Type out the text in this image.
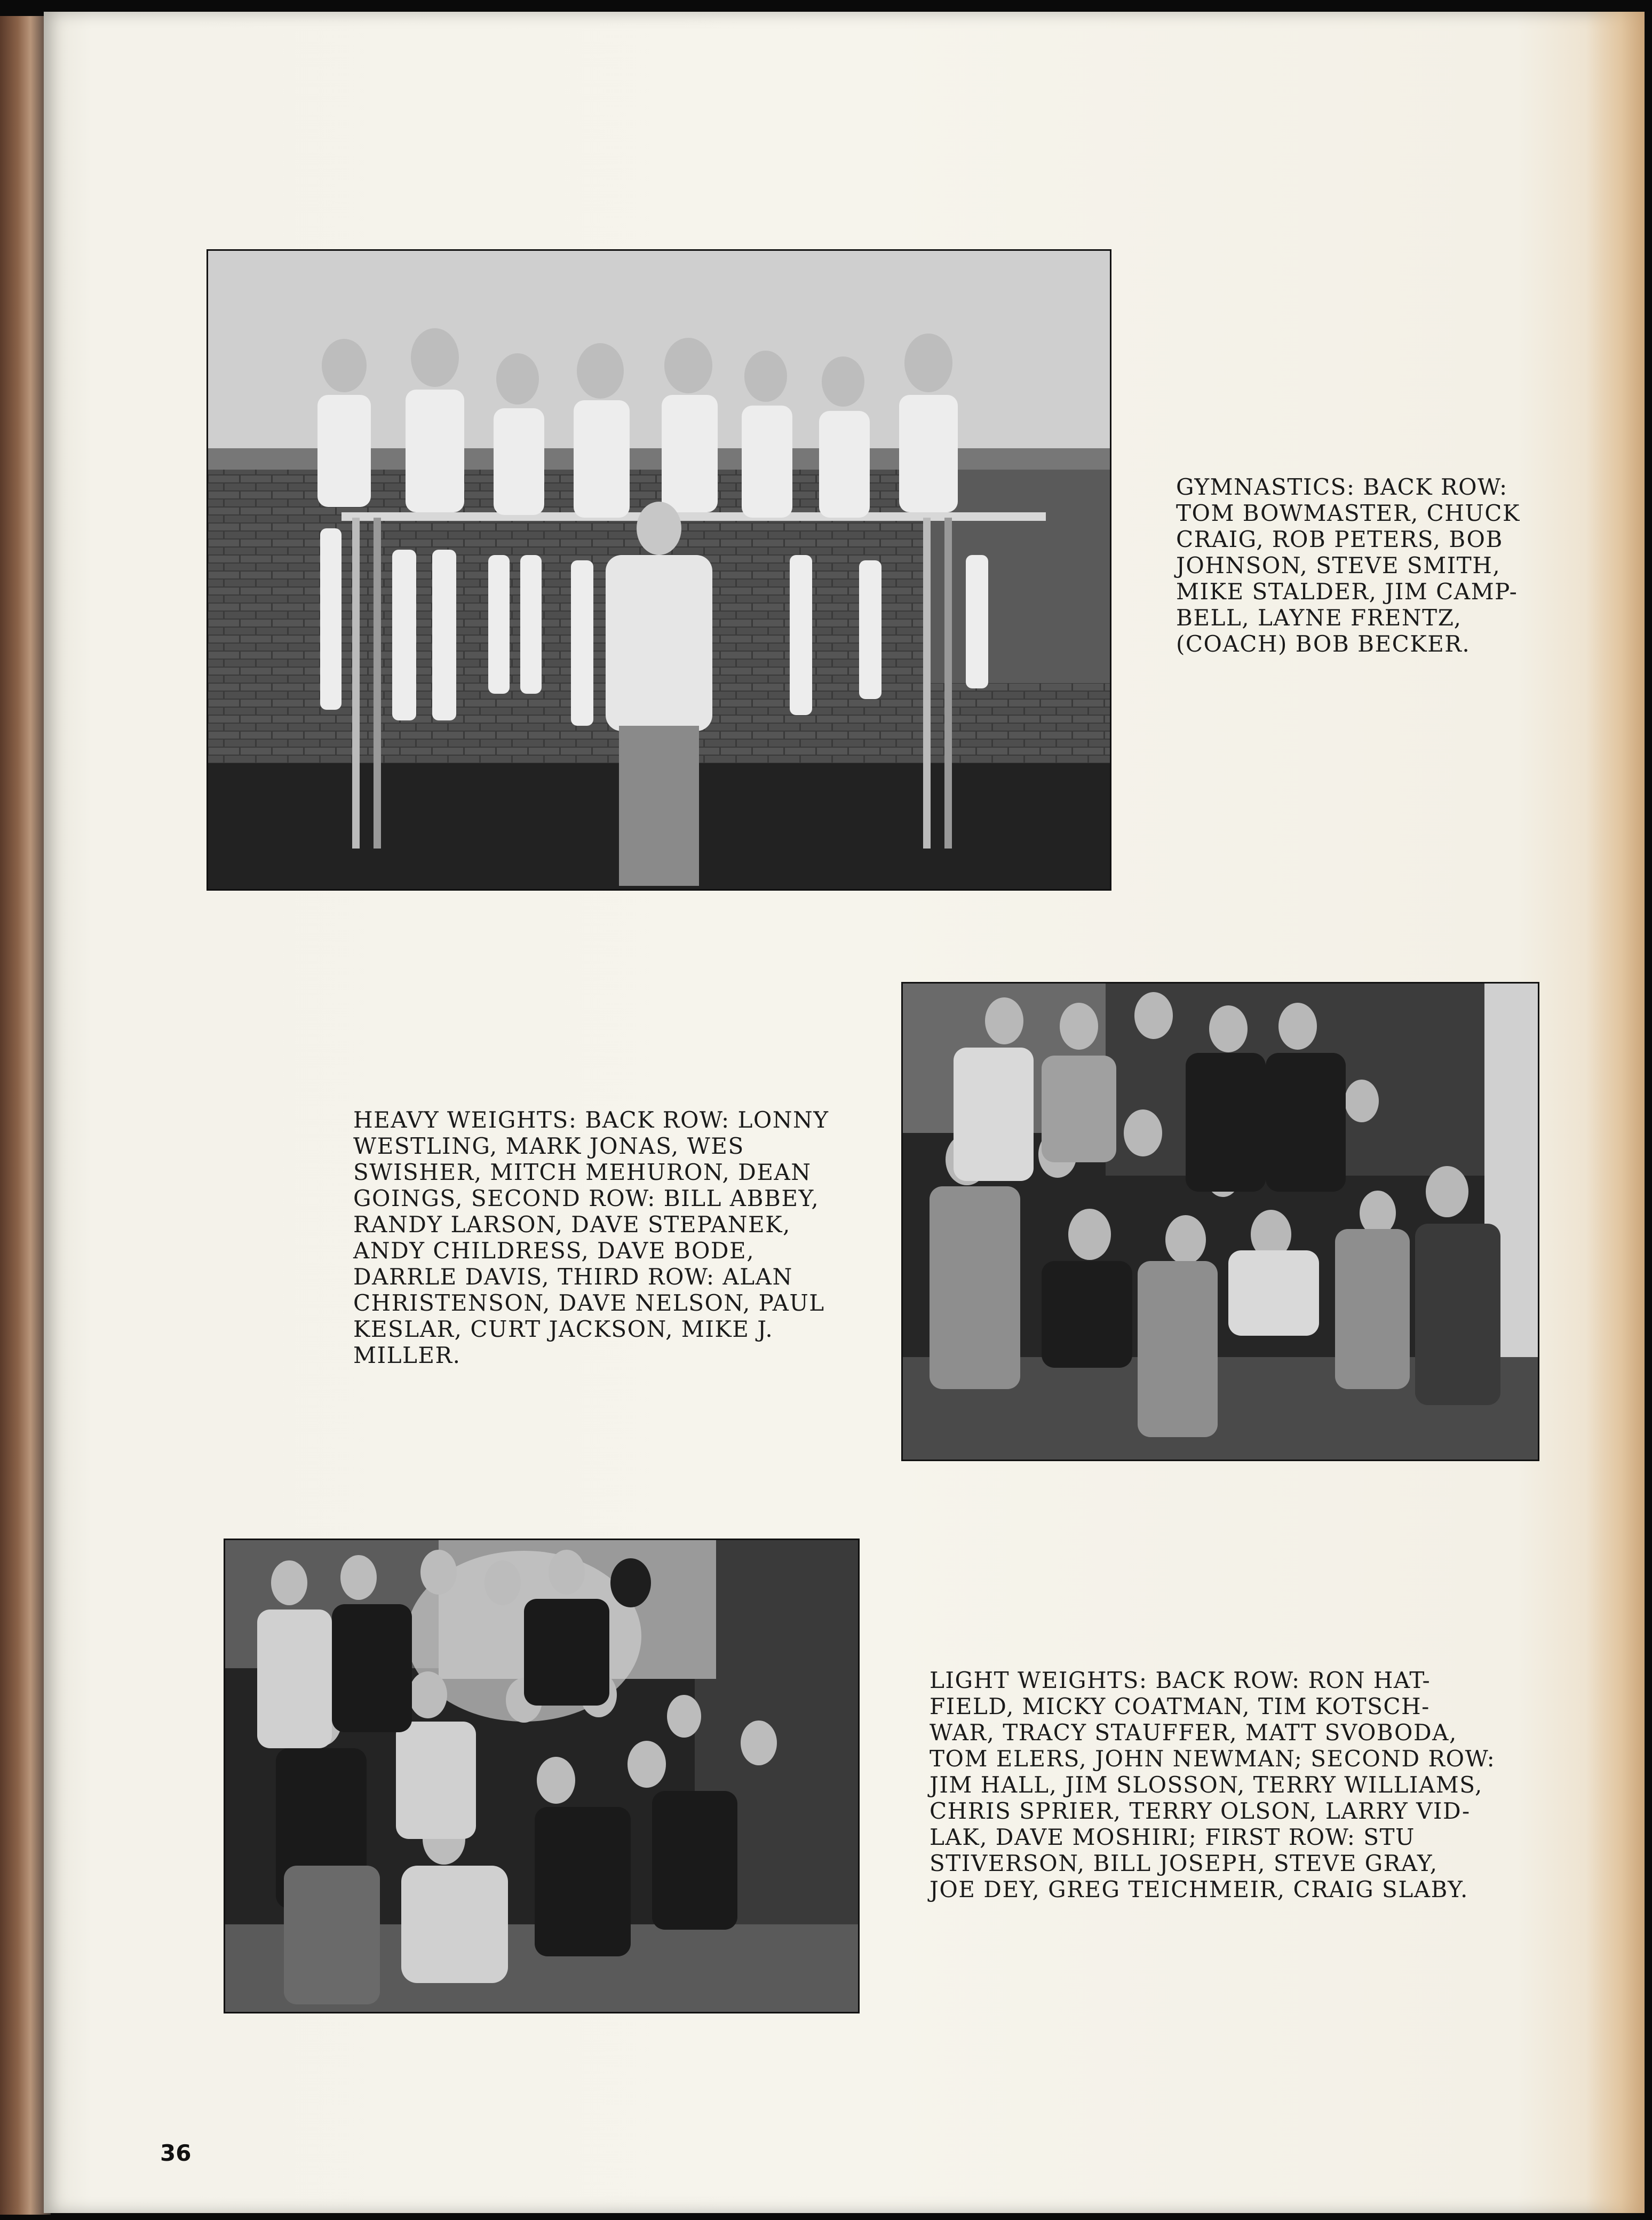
GYMNASTICS: BACK ROW:
TOM BOWMASTER, CHUCK
CRAIG, ROB PETERS, BOB
JOHNSON, STEVE SMITH,
MIKE STALDER, JIM CAMP-
BELL, LAYNE FRENTZ,
(COACH) BOB BECKER.

HEAVY WEIGHTS: BACK ROW: LONNY
WESTLING, MARK JONAS, WES
SWISHER, MITCH MEHURON, DEAN
GOINGS, SECOND ROW: BILL ABBEY,
RANDY LARSON, DAVE STEPANEK,
ANDY CHILDRESS, DAVE BODE,
DARRLE DAVIS, THIRD ROW: ALAN
CHRISTENSON, DAVE NELSON, PAUL
KESLAR, CURT JACKSON, MIKE J.
MILLER.

LIGHT WEIGHTS: BACK ROW: RON HAT-
FIELD, MICKY COATMAN, TIM KOTSCH-
WAR, TRACY STAUFFER, MATT SVOBODA,
TOM ELERS, JOHN NEWMAN; SECOND ROW:
JIM HALL, JIM SLOSSON, TERRY WILLIAMS,
CHRIS SPRIER, TERRY OLSON, LARRY VID-
LAK, DAVE MOSHIRI; FIRST ROW: STU
STIVERSON, BILL JOSEPH, STEVE GRAY,
JOE DEY, GREG TEICHMEIR, CRAIG SLABY.

36
